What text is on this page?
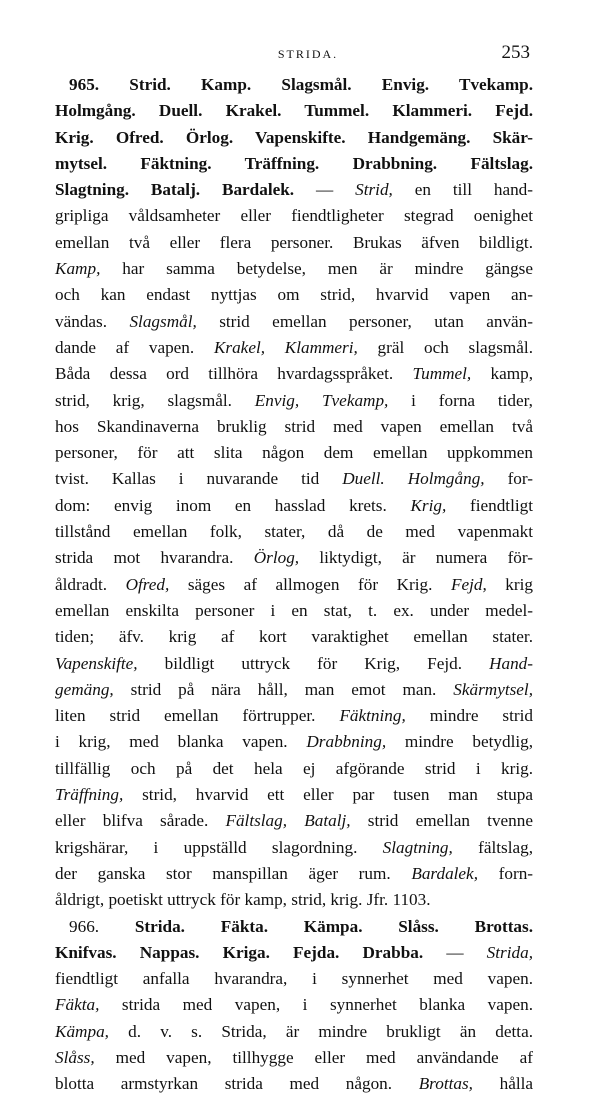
STRIDA.	253
965. Strid. Kamp. Slagsmål. Envig. Tvekamp.
Holmgång. Duell. Krakel. Tummel. Klammeri. Fejd.
Krig. Ofred. Örlog. Vapenskifte. Handgemäng. Skär-
mytsel. Fäktning. Träffning. Drabbning. Fältslag.
Slagtning. Batalj. Bardalek. — Strid, en till hand-
gripliga våldsamheter eller fiendtligheter stegrad oenighet
emellan två eller flera personer. Brukas äfven bildligt.
Kamp, har samma betydelse, men är mindre gängse
och kan endast nyttjas om strid, hvarvid vapen an-
vändas. Slagsmål, strid emellan personer, utan använ-
dande af vapen. Krakel, Klammeri, gräl och slagsmål.
Båda dessa ord tillhöra hvardagsspråket. Tummel, kamp,
strid, krig, slagsmål. Envig, Tvekamp, i forna tider,
hos Skandinaverna bruklig strid med vapen emellan två
personer, för att slita någon dem emellan uppkommen
tvist. Kallas i nuvarande tid Duell. Holmgång, for-
dom: envig inom en hasslad krets. Krig, fiendtligt
tillstånd emellan folk, stater, då de med vapenmakt
strida mot hvarandra. Örlog, liktydigt, är numera för-
åldradt. Ofred, säges af allmogen för Krig. Fejd, krig
emellan enskilta personer i en stat, t. ex. under medel-
tiden; äfv. krig af kort varaktighet emellan stater.
Vapenskifte, bildligt uttryck för Krig, Fejd. Hand-
gemäng, strid på nära håll, man emot man. Skärmytsel,
liten strid emellan förtrupper. Fäktning, mindre strid
i krig, med blanka vapen. Drabbning, mindre betydlig,
tillfällig och på det hela ej afgörande strid i krig.
Träffning, strid, hvarvid ett eller par tusen man stupa
eller blifva sårade. Fältslag, Batalj, strid emellan tvenne
krigshärar, i uppställd slagordning. Slagtning, fältslag,
der ganska stor manspillan äger rum. Bardalek, forn-
åldrigt, poetiskt uttryck för kamp, strid, krig. Jfr. 1103.
966. Strida. Fäkta. Kämpa. Slåss. Brottas.
Knifvas. Nappas. Kriga. Fejda. Drabba. — Strida,
fiendtligt anfalla hvarandra, i synnerhet med vapen.
Fäkta, strida med vapen, i synnerhet blanka vapen.
Kämpa, d. v. s. Strida, är mindre brukligt än detta.
Slåss, med vapen, tillhygge eller med användande af
blotta armstyrkan strida med någon. Brottas, hålla
